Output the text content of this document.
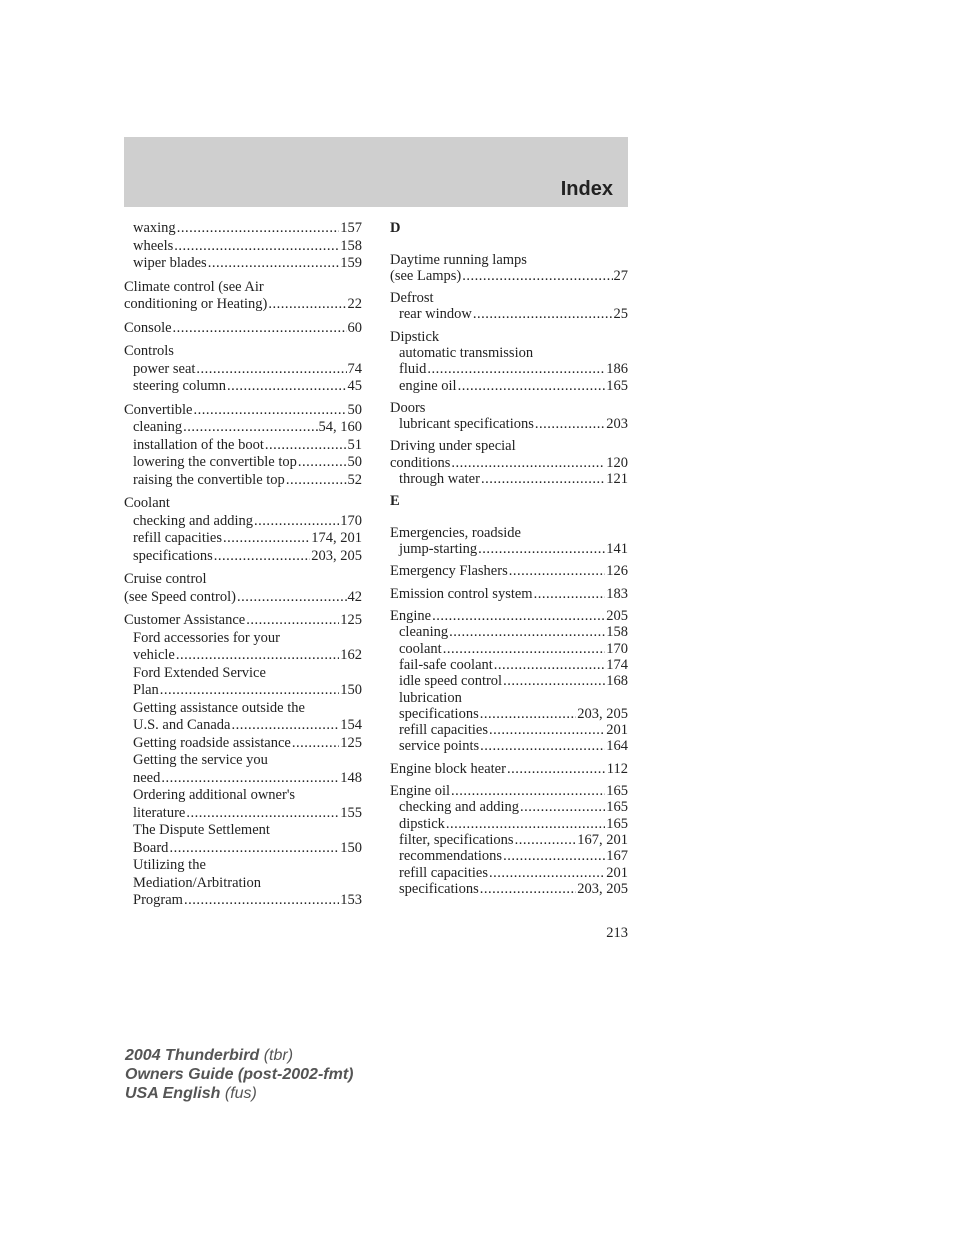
Index
waxing .....	157
wheels .....	158
wiper blades .....	159
Climate control (see Air
conditioning or Heating) .....	22
Console .....	60
Controls
power seat .....	74
steering column .....	45
Convertible .....	50
cleaning .....	54, 160
installation of the boot .....	51
lowering the convertible top .....	50
raising the convertible top .....	52
Coolant
checking and adding .....	170
refill capacities .....	174, 201
specifications .....	203, 205
Cruise control
(see Speed control) .....	42
Customer Assistance .....	125
Ford accessories for your
vehicle .....	162
Ford Extended Service
Plan .....	150
Getting assistance outside the
U.S. and Canada .....	154
Getting roadside assistance .....	125
Getting the service you
need .....	148
Ordering additional owner's
literature .....	155
The Dispute Settlement
Board .....	150
Utilizing the
Mediation/Arbitration
Program .....	153
D
Daytime running lamps
(see Lamps) .....	27
Defrost
rear window .....	25
Dipstick
automatic transmission
fluid .....	186
engine oil .....	165
Doors
lubricant specifications .....	203
Driving under special
conditions .....	120
through water .....	121
E
Emergencies, roadside
jump-starting .....	141
Emergency Flashers .....	126
Emission control system .....	183
Engine .....	205
cleaning .....	158
coolant .....	170
fail-safe coolant .....	174
idle speed control .....	168
lubrication
specifications .....	203, 205
refill capacities .....	201
service points .....	164
Engine block heater .....	112
Engine oil .....	165
checking and adding .....	165
dipstick .....	165
filter, specifications .....	167, 201
recommendations .....	167
refill capacities .....	201
specifications .....	203, 205
213
2004 Thunderbird (tbr)
Owners Guide (post-2002-fmt)
USA English (fus)
